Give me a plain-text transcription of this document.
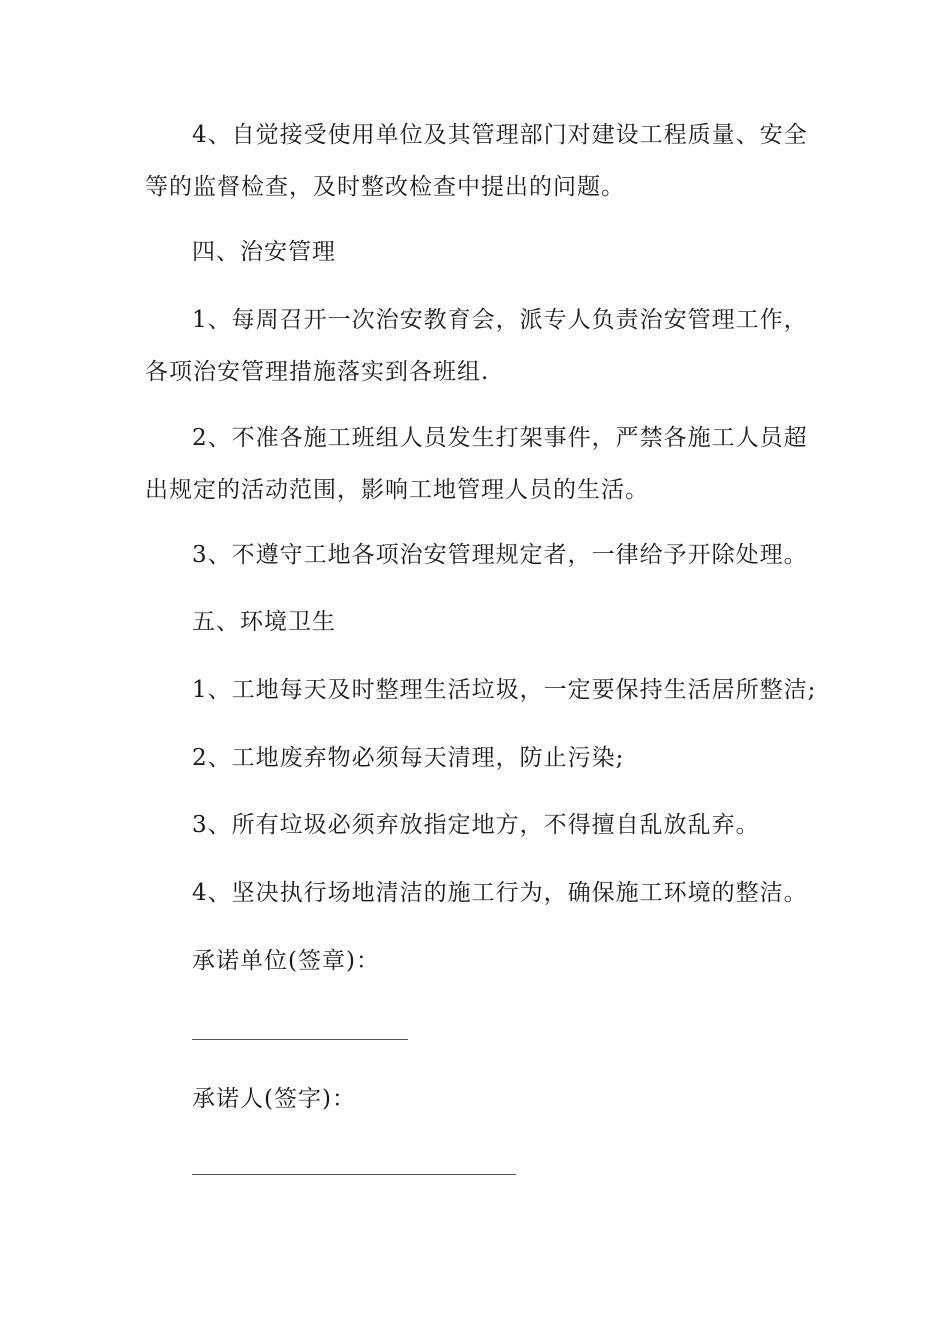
4、自觉接受使用单位及其管理部门对建设工程质量、安全等的监督检查，及时整改检查中提出的问题。

四、治安管理

1、每周召开一次治安教育会，派专人负责治安管理工作，各项治安管理措施落实到各班组.

2、不准各施工班组人员发生打架事件，严禁各施工人员超出规定的活动范围，影响工地管理人员的生活。

3、不遵守工地各项治安管理规定者，一律给予开除处理。

五、环境卫生

1、工地每天及时整理生活垃圾，一定要保持生活居所整洁;

2、工地废弃物必须每天清理，防止污染;

3、所有垃圾必须弃放指定地方，不得擅自乱放乱弃。

4、坚决执行场地清洁的施工行为，确保施工环境的整洁。

承诺单位(签章)：

承诺人(签字)：
